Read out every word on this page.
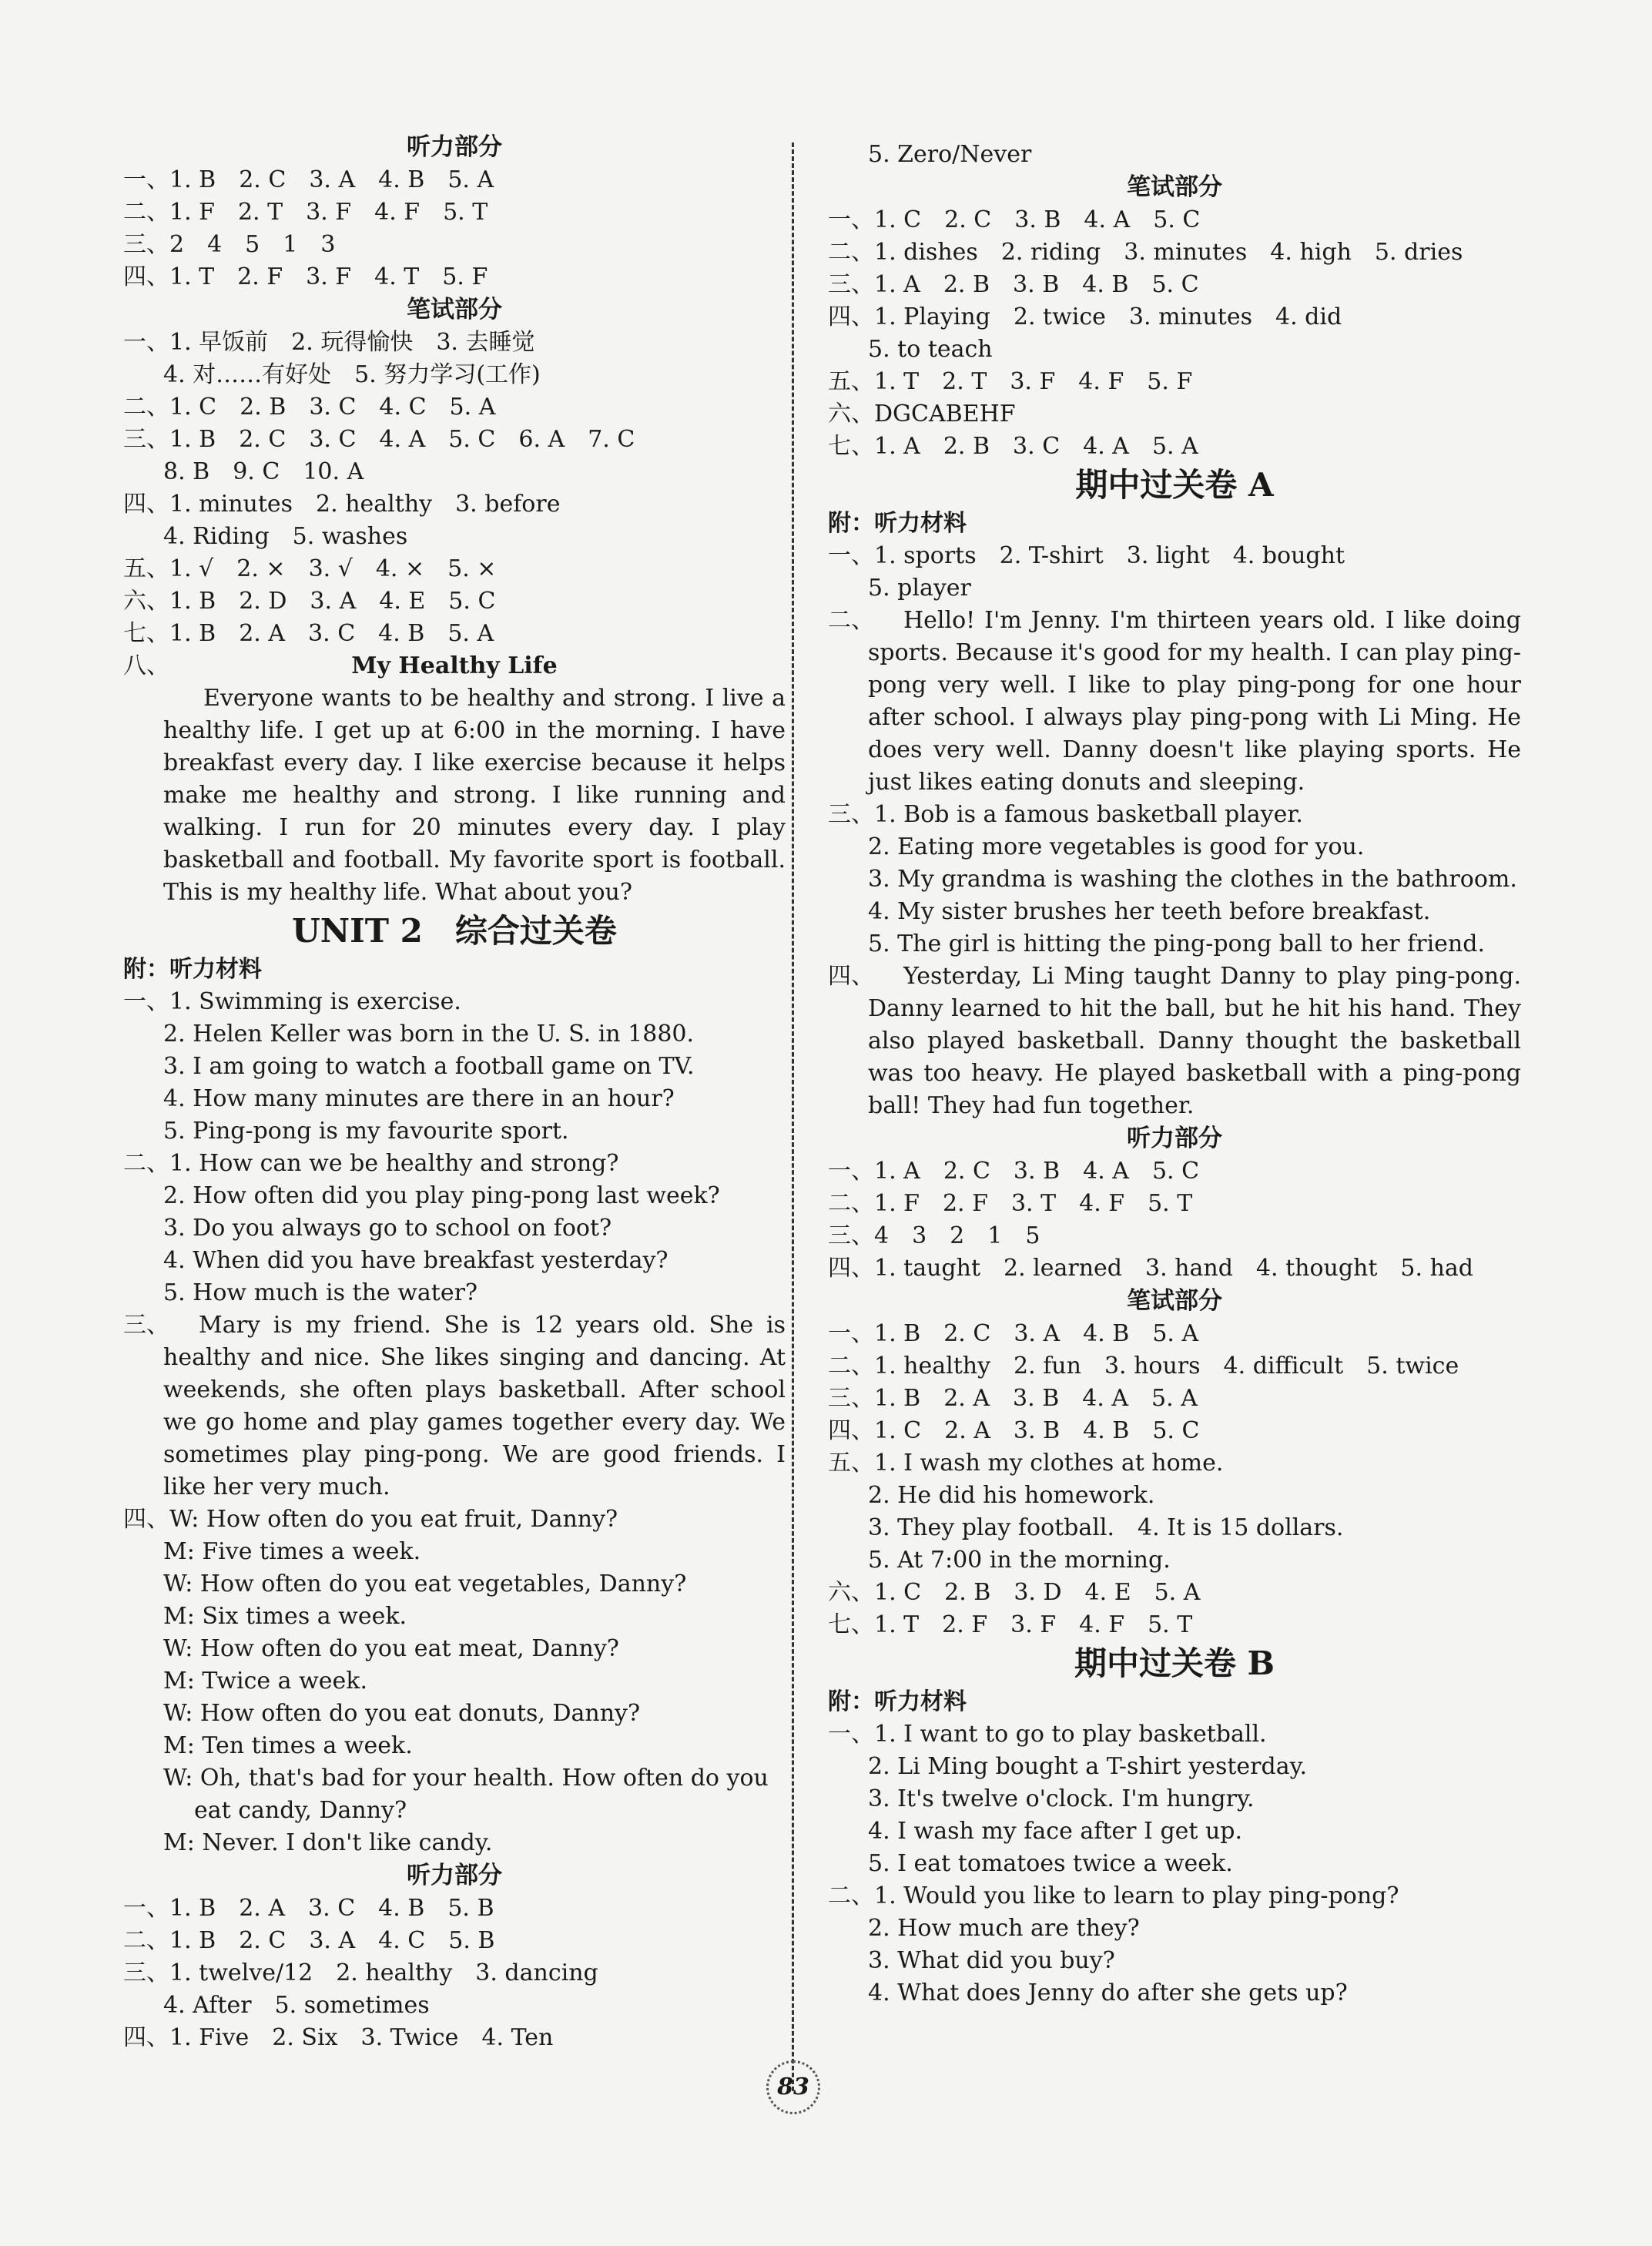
听力部分
一、1. B　2. C　3. A　4. B　5. A
二、1. F　2. T　3. F　4. F　5. T
三、2　4　5　1　3
四、1. T　2. F　3. F　4. T　5. F
笔试部分
一、1. 早饭前　2. 玩得愉快　3. 去睡觉
4. 对……有好处　5. 努力学习(工作)
二、1. C　2. B　3. C　4. C　5. A
三、1. B　2. C　3. C　4. A　5. C　6. A　7. C
8. B　9. C　10. A
四、1. minutes　2. healthy　3. before
4. Riding　5. washes
五、1. √　2. ×　3. √　4. ×　5. ×
六、1. B　2. D　3. A　4. E　5. C
七、1. B　2. A　3. C　4. B　5. A
八、	My Healthy Life
Everyone wants to be healthy and strong. I live a healthy life. I get up at 6:00 in the morning. I have breakfast every day. I like exercise because it helps make me healthy and strong. I like running and walking. I run for 20 minutes every day. I play basketball and football. My favorite sport is football. This is my healthy life. What about you?
UNIT 2　综合过关卷
附：听力材料
一、1. Swimming is exercise.
2. Helen Keller was born in the U. S. in 1880.
3. I am going to watch a football game on TV.
4. How many minutes are there in an hour?
5. Ping-pong is my favourite sport.
二、1. How can we be healthy and strong?
2. How often did you play ping-pong last week?
3. Do you always go to school on foot?
4. When did you have breakfast yesterday?
5. How much is the water?
三、	Mary is my friend. She is 12 years old. She is healthy and nice. She likes singing and dancing. At weekends, she often plays basketball. After school we go home and play games together every day. We sometimes play ping-pong. We are good friends. I like her very much.
四、W: How often do you eat fruit, Danny?
M: Five times a week.
W: How often do you eat vegetables, Danny?
M: Six times a week.
W: How often do you eat meat, Danny?
M: Twice a week.
W: How often do you eat donuts, Danny?
M: Ten times a week.
W: Oh, that's bad for your health. How often do you
eat candy, Danny?
M: Never. I don't like candy.
听力部分
一、1. B　2. A　3. C　4. B　5. B
二、1. B　2. C　3. A　4. C　5. B
三、1. twelve/12　2. healthy　3. dancing
4. After　5. sometimes
四、1. Five　2. Six　3. Twice　4. Ten
5. Zero/Never
笔试部分
一、1. C　2. C　3. B　4. A　5. C
二、1. dishes　2. riding　3. minutes　4. high　5. dries
三、1. A　2. B　3. B　4. B　5. C
四、1. Playing　2. twice　3. minutes　4. did
5. to teach
五、1. T　2. T　3. F　4. F　5. F
六、DGCABEHF
七、1. A　2. B　3. C　4. A　5. A
期中过关卷 A
附：听力材料
一、1. sports　2. T-shirt　3. light　4. bought
5. player
二、	Hello! I'm Jenny. I'm thirteen years old. I like doing sports. Because it's good for my health. I can play ping-pong very well. I like to play ping-pong for one hour after school. I always play ping-pong with Li Ming. He does very well. Danny doesn't like playing sports. He just likes eating donuts and sleeping.
三、1. Bob is a famous basketball player.
2. Eating more vegetables is good for you.
3. My grandma is washing the clothes in the bathroom.
4. My sister brushes her teeth before breakfast.
5. The girl is hitting the ping-pong ball to her friend.
四、	Yesterday, Li Ming taught Danny to play ping-pong. Danny learned to hit the ball, but he hit his hand. They also played basketball. Danny thought the basketball was too heavy. He played basketball with a ping-pong ball! They had fun together.
听力部分
一、1. A　2. C　3. B　4. A　5. C
二、1. F　2. F　3. T　4. F　5. T
三、4　3　2　1　5
四、1. taught　2. learned　3. hand　4. thought　5. had
笔试部分
一、1. B　2. C　3. A　4. B　5. A
二、1. healthy　2. fun　3. hours　4. difficult　5. twice
三、1. B　2. A　3. B　4. A　5. A
四、1. C　2. A　3. B　4. B　5. C
五、1. I wash my clothes at home.
2. He did his homework.
3. They play football.　4. It is 15 dollars.
5. At 7:00 in the morning.
六、1. C　2. B　3. D　4. E　5. A
七、1. T　2. F　3. F　4. F　5. T
期中过关卷 B
附：听力材料
一、1. I want to go to play basketball.
2. Li Ming bought a T-shirt yesterday.
3. It's twelve o'clock. I'm hungry.
4. I wash my face after I get up.
5. I eat tomatoes twice a week.
二、1. Would you like to learn to play ping-pong?
2. How much are they?
3. What did you buy?
4. What does Jenny do after she gets up?
83
